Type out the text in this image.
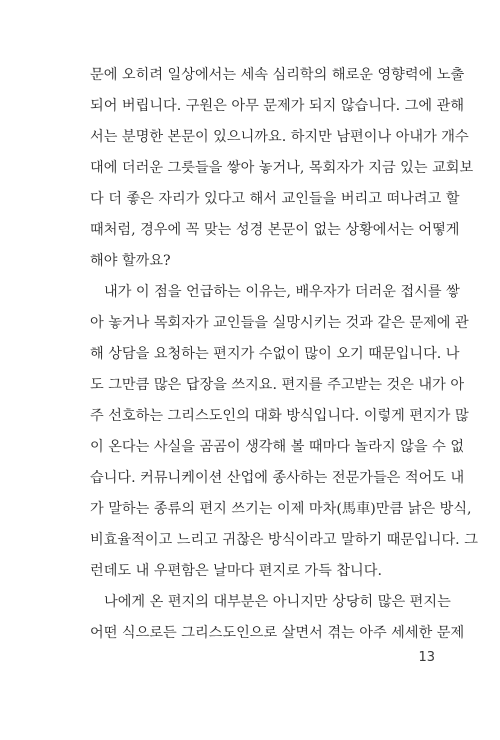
문에 오히려 일상에서는 세속 심리학의 해로운 영향력에 노출
되어 버립니다. 구원은 아무 문제가 되지 않습니다. 그에 관해
서는 분명한 본문이 있으니까요. 하지만 남편이나 아내가 개수
대에 더러운 그릇들을 쌓아 놓거나, 목회자가 지금 있는 교회보
다 더 좋은 자리가 있다고 해서 교인들을 버리고 떠나려고 할
때처럼, 경우에 꼭 맞는 성경 본문이 없는 상황에서는 어떻게
해야 할까요?
내가 이 점을 언급하는 이유는, 배우자가 더러운 접시를 쌓
아 놓거나 목회자가 교인들을 실망시키는 것과 같은 문제에 관
해 상담을 요청하는 편지가 수없이 많이 오기 때문입니다. 나
도 그만큼 많은 답장을 쓰지요. 편지를 주고받는 것은 내가 아
주 선호하는 그리스도인의 대화 방식입니다. 이렇게 편지가 많
이 온다는 사실을 곰곰이 생각해 볼 때마다 놀라지 않을 수 없
습니다. 커뮤니케이션 산업에 종사하는 전문가들은 적어도 내
가 말하는 종류의 편지 쓰기는 이제 마차(馬車)만큼 낡은 방식,
비효율적이고 느리고 귀찮은 방식이라고 말하기 때문입니다. 그
런데도 내 우편함은 날마다 편지로 가득 찹니다.
나에게 온 편지의 대부분은 아니지만 상당히 많은 편지는
어떤 식으로든 그리스도인으로 살면서 겪는 아주 세세한 문제
13
